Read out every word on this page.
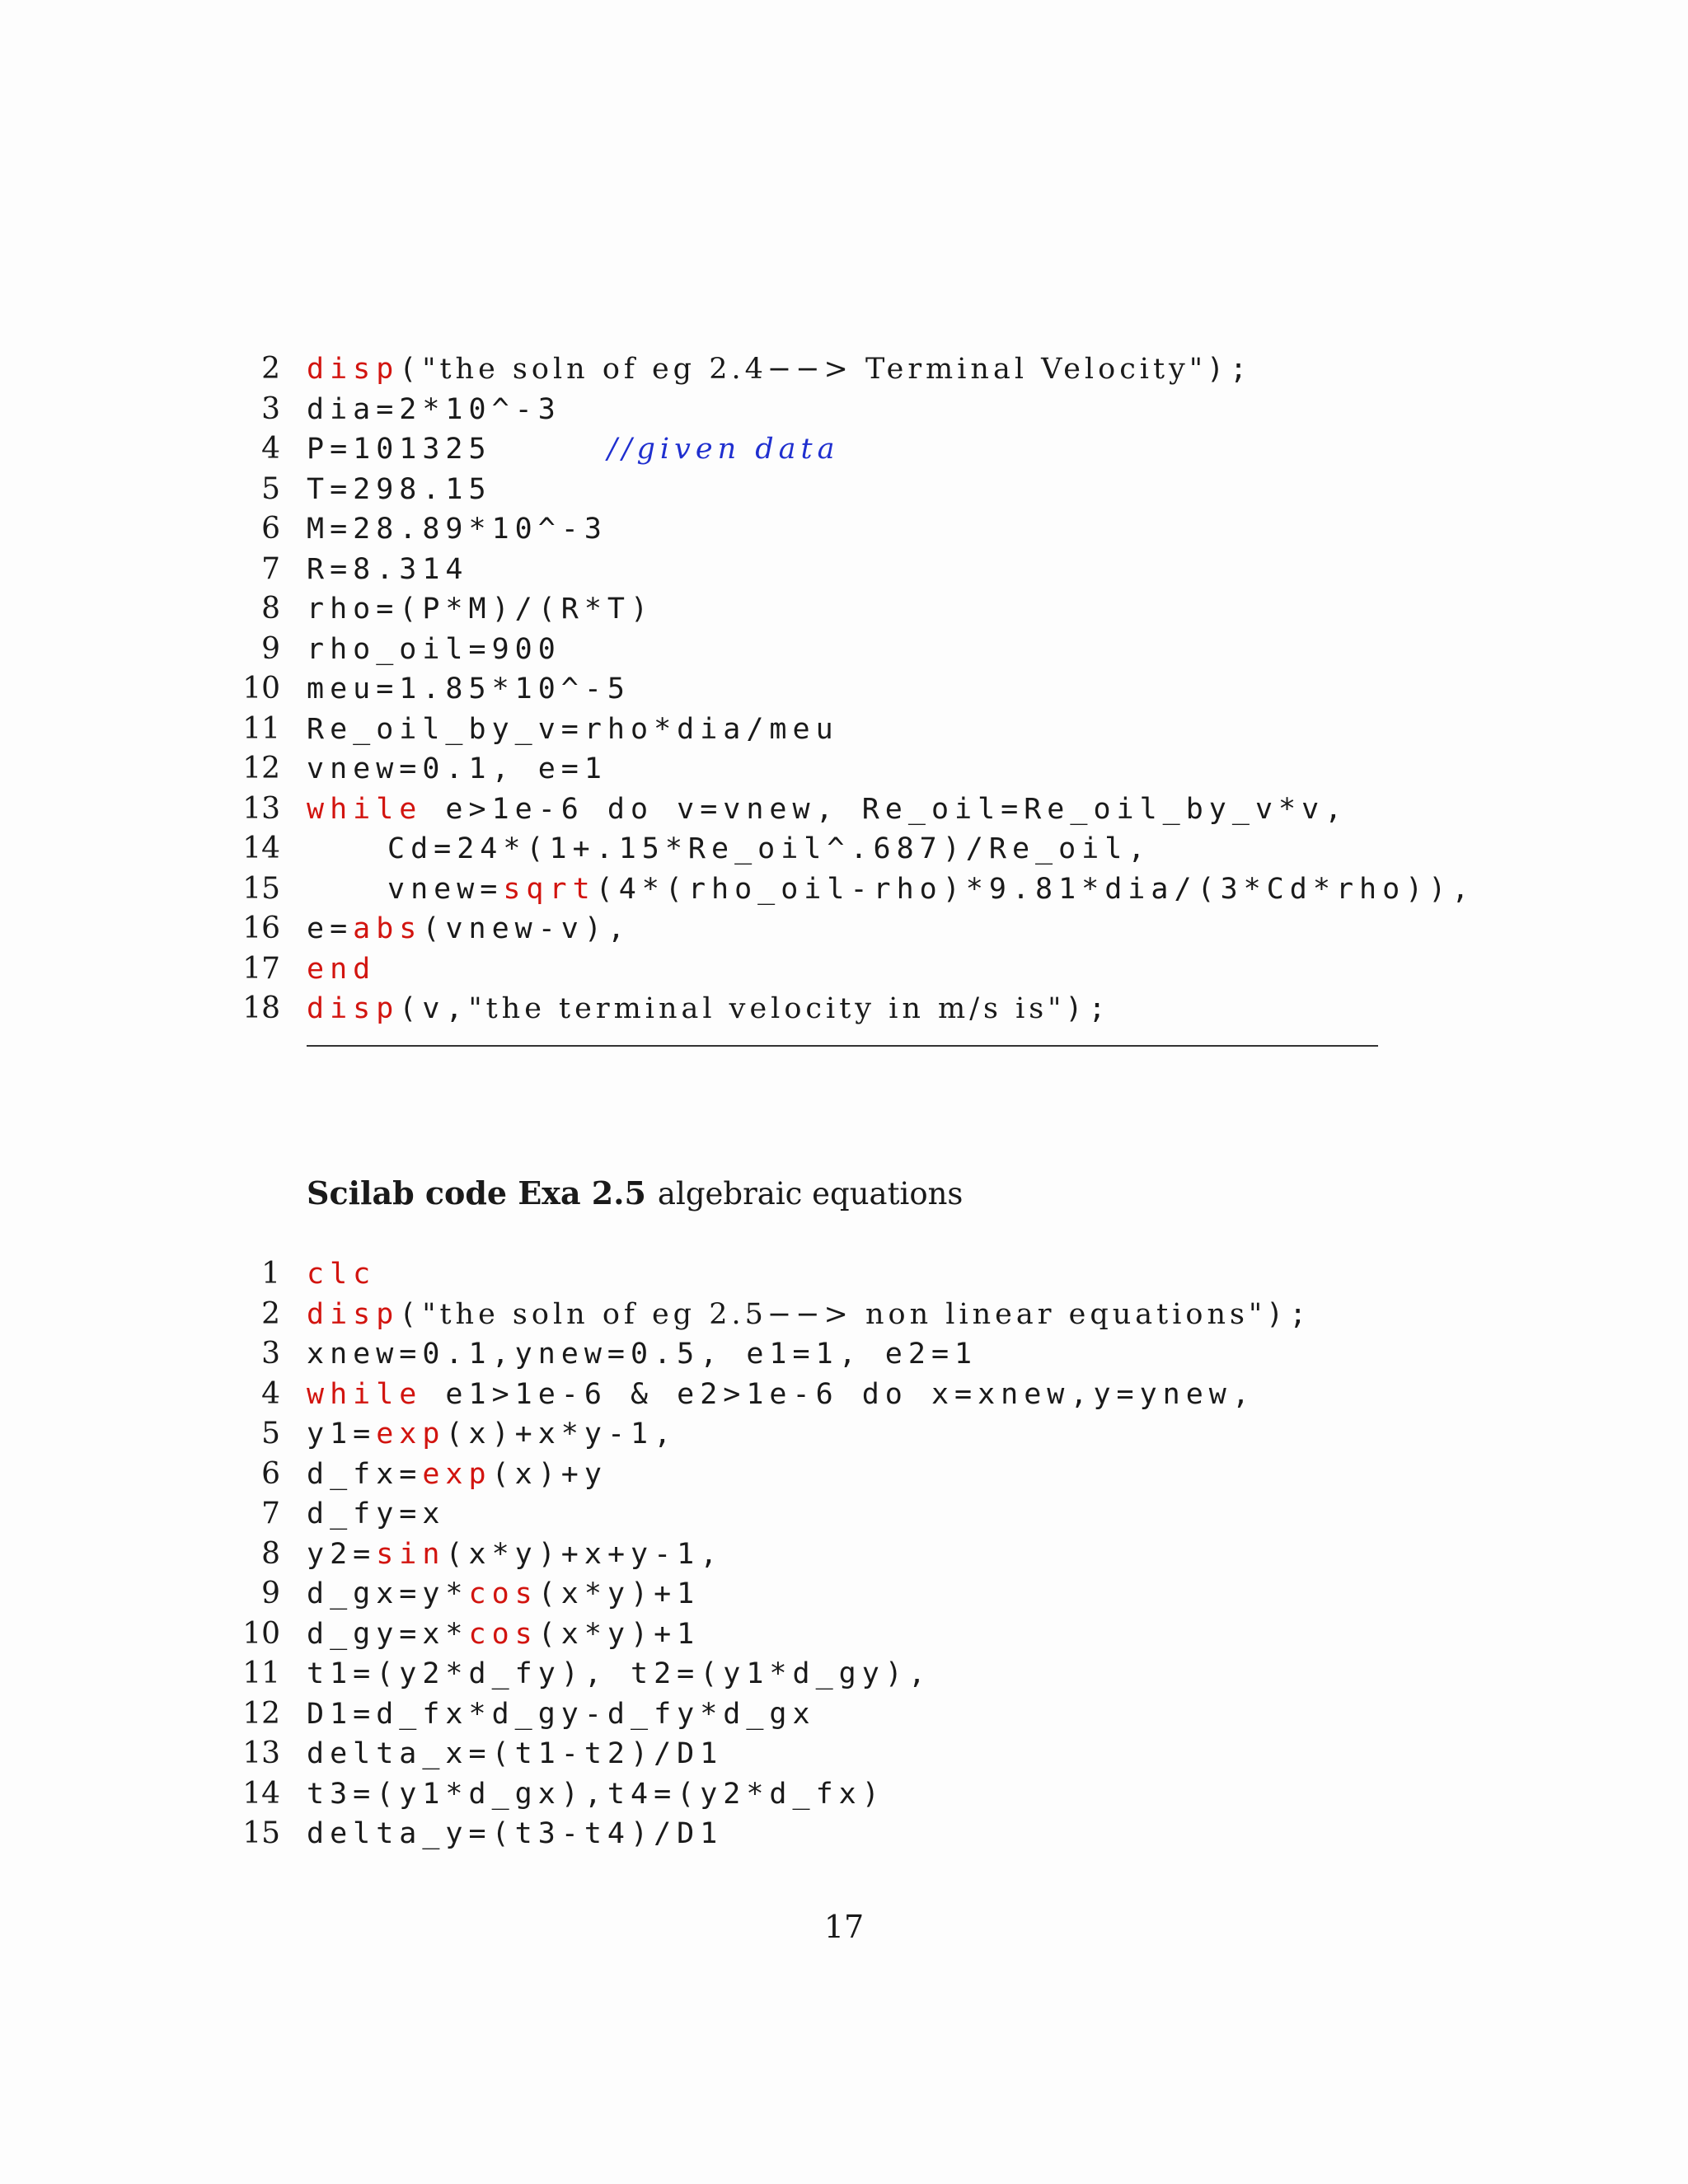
2 disp("the soln of eg 2.4−−> Terminal Velocity");
3 dia=2*10^-3
4 P=101325     //given data
5 T=298.15
6 M=28.89*10^-3
7 R=8.314
8 rho=(P*M)/(R*T)
9 rho_oil=900
10 meu=1.85*10^-5
11 Re_oil_by_v=rho*dia/meu
12 vnew=0.1, e=1
13 while e>1e-6 do v=vnew, Re_oil=Re_oil_by_v*v,
14	Cd=24*(1+.15*Re_oil^.687)/Re_oil,
15	vnew=sqrt(4*(rho_oil-rho)*9.81*dia/(3*Cd*rho)),
16 e=abs(vnew-v),
17 end
18 disp(v,"the terminal velocity in m/s is");
Scilab code Exa 2.5 algebraic equations
1 clc
2 disp("the soln of eg 2.5−−> non linear equations");
3 xnew=0.1,ynew=0.5, e1=1, e2=1
4 while e1>1e-6 & e2>1e-6 do x=xnew,y=ynew,
5 y1=exp(x)+x*y-1,
6 d_fx=exp(x)+y
7 d_fy=x
8 y2=sin(x*y)+x+y-1,
9 d_gx=y*cos(x*y)+1
10 d_gy=x*cos(x*y)+1
11 t1=(y2*d_fy), t2=(y1*d_gy),
12 D1=d_fx*d_gy-d_fy*d_gx
13 delta_x=(t1-t2)/D1
14 t3=(y1*d_gx),t4=(y2*d_fx)
15 delta_y=(t3-t4)/D1
17
